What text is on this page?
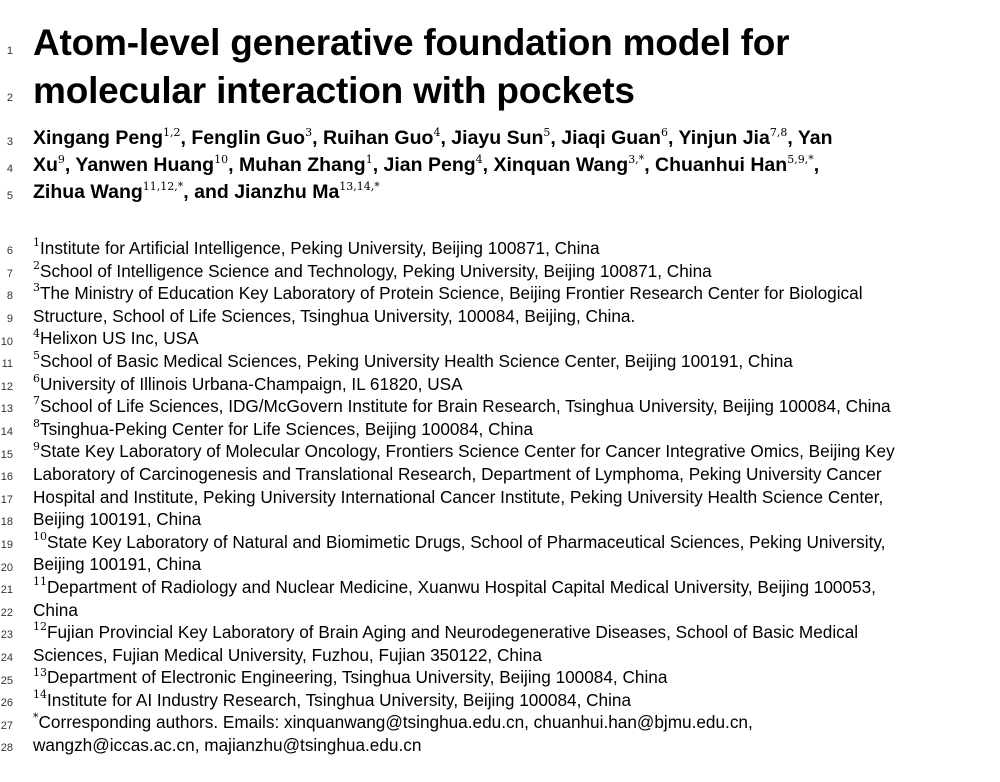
1
2
3
4
5
6
7
8
9
10
11
12
13
14
15
16
17
18
19
20
21
22
23
24
25
26
27
28
Atom-level generative foundation model for
molecular interaction with pockets
Xingang Peng$^{1,2}$, Fenglin Guo$^3$, Ruihan Guo$^4$, Jiayu Sun$^5$, Jiaqi Guan$^6$, Yinjun Jia$^{7,8}$, Yan
Xu$^9$, Yanwen Huang$^{10}$, Muhan Zhang$^1$, Jian Peng$^4$, Xinquan Wang$^{3,*}$, Chuanhui Han$^{5,9,*}$,
Zihua Wang$^{11,12,*}$, and Jianzhu $Ma^{13,14,*}$
$^1$Institute for Artificial Intelligence, Peking University, Beijing 100871, China
$^2$School of Intelligence Science and Technology, Peking University, Beijing 100871, China
$^3$The Ministry of Education Key Laboratory of Protein Science, Beijing Frontier Research Center for Biological
Structure, School of Life Sciences, Tsinghua University, 100084, Beijing, China.
$^4$Helixon US Inc, USA
$^5$School of Basic Medical Sciences, Peking University Health Science Center, Beijing 100191, China
$^6$University of Illinois Urbana-Champaign, IL 61820, USA
$^7$School of Life Sciences, IDG/McGovern Institute for Brain Research, Tsinghua University, Beijing 100084, China
$^8$Tsinghua-Peking Center for Life Sciences, Beijing 100084, China
$^9$State Key Laboratory of Molecular Oncology, Frontiers Science Center for Cancer Integrative Omics, Beijing Key
Laboratory of Carcinogenesis and Translational Research, Department of Lymphoma, Peking University Cancer
Hospital and Institute, Peking University International Cancer Institute, Peking University Health Science Center,
Beijing 100191, China
$^{10}$State Key Laboratory of Natural and Biomimetic Drugs, School of Pharmaceutical Sciences, Peking University,
Beijing 100191, China
$^{11}$Department of Radiology and Nuclear Medicine, Xuanwu Hospital Capital Medical University, Beijing 100053,
China
$^{12}$Fujian Provincial Key Laboratory of Brain Aging and Neurodegenerative Diseases, School of Basic Medical
Sciences, Fujian Medical University, Fuzhou, Fujian 350122, China
$^{13}$Department of Electronic Engineering, Tsinghua University, Beijing 100084, China
$^{14}$Institute for AI Industry Research, Tsinghua University, Beijing 100084, China
*Corresponding authors. Emails: xinquanwang@tsinghua.edu.cn, chuanhui.han@bjmu.edu.cn,
wangzh@iccas.ac.cn, majianzhu@tsinghua.edu.cn
